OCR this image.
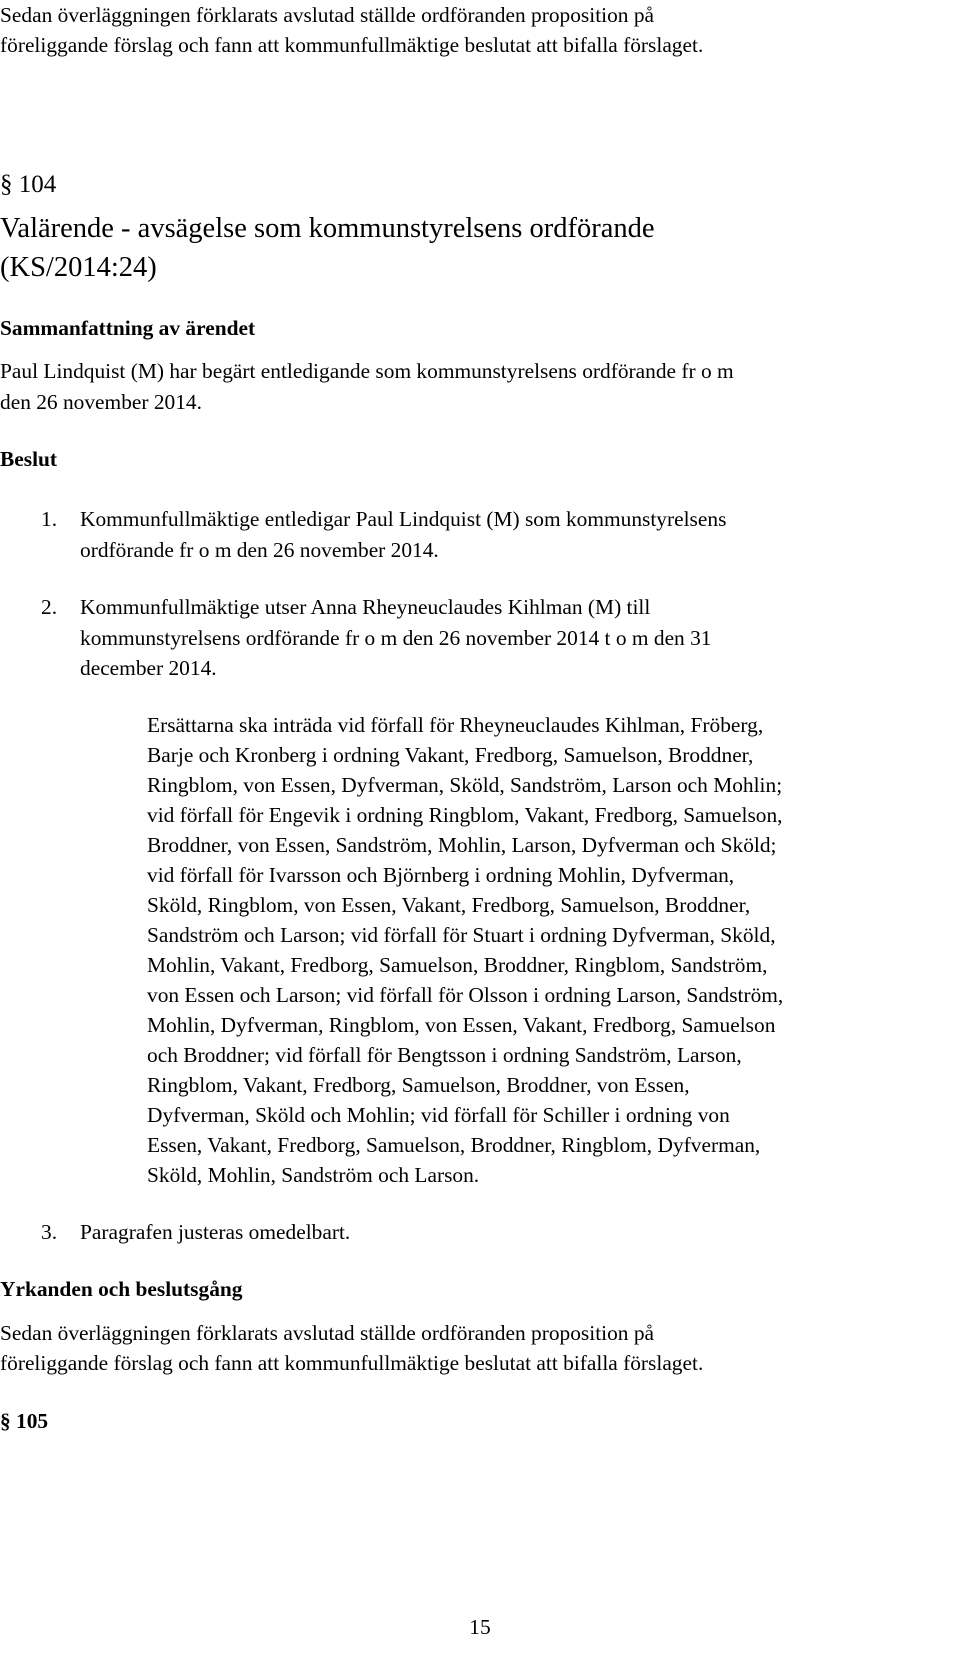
Sedan överläggningen förklarats avslutad ställde ordföranden proposition på
föreliggande förslag och fann att kommunfullmäktige beslutat att bifalla förslaget.
§ 104
Valärende - avsägelse som kommunstyrelsens ordförande
(KS/2014:24)
Sammanfattning av ärendet
Paul Lindquist (M) har begärt entledigande som kommunstyrelsens ordförande fr o m
den 26 november 2014.
Beslut
1. Kommunfullmäktige entledigar Paul Lindquist (M) som kommunstyrelsens
ordförande fr o m den 26 november 2014.
2. Kommunfullmäktige utser Anna Rheyneuclaudes Kihlman (M) till
kommunstyrelsens ordförande fr o m den 26 november 2014 t o m den 31
december 2014.
Ersättarna ska inträda vid förfall för Rheyneuclaudes Kihlman, Fröberg,
Barje och Kronberg i ordning Vakant, Fredborg, Samuelson, Broddner,
Ringblom, von Essen, Dyfverman, Sköld, Sandström, Larson och Mohlin;
vid förfall för Engevik i ordning Ringblom, Vakant, Fredborg, Samuelson,
Broddner, von Essen, Sandström, Mohlin, Larson, Dyfverman och Sköld;
vid förfall för Ivarsson och Björnberg i ordning Mohlin, Dyfverman,
Sköld, Ringblom, von Essen, Vakant, Fredborg, Samuelson, Broddner,
Sandström och Larson; vid förfall för Stuart i ordning Dyfverman, Sköld,
Mohlin, Vakant, Fredborg, Samuelson, Broddner, Ringblom, Sandström,
von Essen och Larson; vid förfall för Olsson i ordning Larson, Sandström,
Mohlin, Dyfverman, Ringblom, von Essen, Vakant, Fredborg, Samuelson
och Broddner; vid förfall för Bengtsson i ordning Sandström, Larson,
Ringblom, Vakant, Fredborg, Samuelson, Broddner, von Essen,
Dyfverman, Sköld och Mohlin; vid förfall för Schiller i ordning von
Essen, Vakant, Fredborg, Samuelson, Broddner, Ringblom, Dyfverman,
Sköld, Mohlin, Sandström och Larson.
3. Paragrafen justeras omedelbart.
Yrkanden och beslutsgång
Sedan överläggningen förklarats avslutad ställde ordföranden proposition på
föreliggande förslag och fann att kommunfullmäktige beslutat att bifalla förslaget.
§ 105
15
